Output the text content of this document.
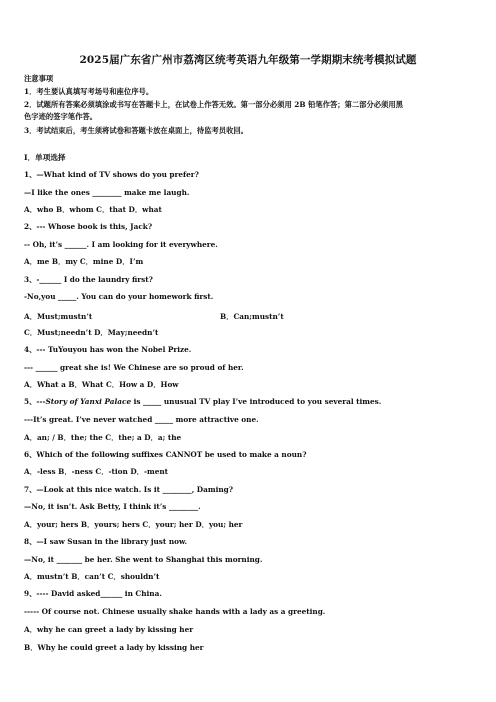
2025届广东省广州市荔湾区统考英语九年级第一学期期末统考模拟试题
注意事项
1．考生要认真填写考场号和座位序号。
2．试题所有答案必须填涂或书写在答题卡上，在试卷上作答无效。第一部分必须用 2B 铅笔作答；第二部分必须用黑
色字迹的签字笔作答。
3．考试结束后，考生须将试卷和答题卡放在桌面上，待监考员收回。
Ⅰ．单项选择
1、—What kind of TV shows do you prefer?
—I like the ones ________ make me laugh.
A．who B．whom C．that D．what
2、--- Whose book is this, Jack?
-- Oh, it’s ______. I am looking for it everywhere.
A．me B．my C．mine D．I’m
3、-______ I do the laundry first?
-No,you _____. You can do your homework first.
A．Must;mustn’t	B．Can;mustn’t
C．Must;needn’t D．May;needn’t
4、--- TuYouyou has won the Nobel Prize.
--- ______ great she is! We Chinese are so proud of her.
A．What a B．What C．How a D．How
5、---Story of Yanxi Palace is _____ unusual TV play I’ve introduced to you several times.
---It’s great. I’ve never watched _____ more attractive one.
A．an; / B．the; the C．the; a D．a; the
6、Which of the following suffixes CANNOT be used to make a noun?
A．-less B．-ness C．-tion D．-ment
7、—Look at this nice watch. Is it ________, Daming?
—No, it isn’t. Ask Betty, I think it’s ________.
A．your; hers B．yours; hers C．your; her D．you; her
8、—I saw Susan in the library just now.
—No, it _______ be her. She went to Shanghai this morning.
A．mustn’t B．can’t C．shouldn’t
9、---- David asked______ in China.
----- Of course not. Chinese usually shake hands with a lady as a greeting.
A．why he can greet a lady by kissing her
B．Why he could greet a lady by kissing her
